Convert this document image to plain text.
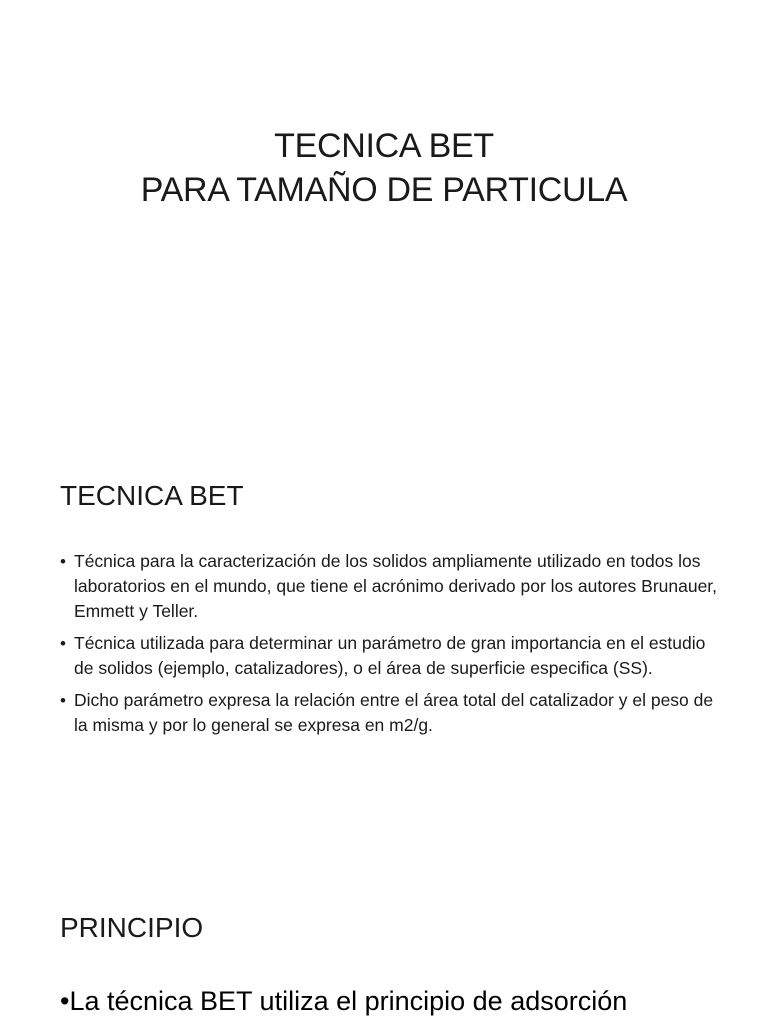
TECNICA BET
PARA TAMAÑO DE PARTICULA
TECNICA BET
• Técnica para la caracterización de los solidos ampliamente utilizado en todos los laboratorios en el mundo, que tiene el acrónimo derivado por los autores Brunauer, Emmett y Teller.
• Técnica utilizada para determinar un parámetro de gran importancia en el estudio de solidos (ejemplo, catalizadores), o el área de superficie especifica (SS).
• Dicho parámetro expresa la relación entre el área total del catalizador y el peso de la misma y por lo general se expresa en m2/g.
PRINCIPIO
•La técnica BET utiliza el principio de adsorción
